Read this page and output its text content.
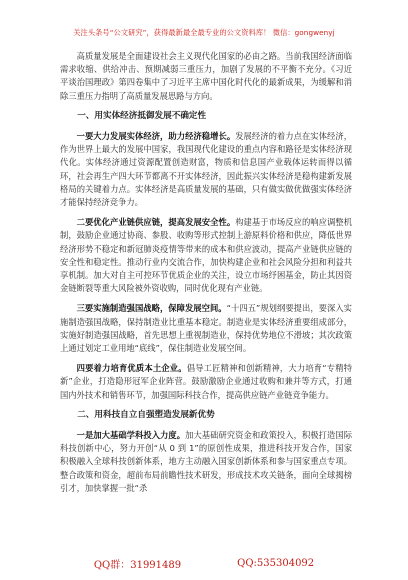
关注头条号“公文研究”，获得最新最全最专业的公文资料库！ 微信：gongwenyj

高质量发展是全面建设社会主义现代化国家的必由之路。当前我国经济面临需求收缩、供给冲击、预期减弱三重压力，加剧了发展的不平衡不充分。《习近平谈治国理政》第四卷集中了习近平主席中国化时代化的最新成果，为缓解和消除三重压力指明了高质量发展思路与方向。

一、用实体经济抵御发展不确定性

一要大力发展实体经济，助力经济稳增长。发展经济的着力点在实体经济，作为世界上最大的发展中国家，我国现代化建设的重点内容和路径是实体经济现代化。实体经济通过资源配置创造财富，物质和信息国产业载体运转而得以循环，社会再生产四大环节都离不开实体经济，因此振兴实体经济是稳构建新发展格局的关键着力点。实体经济是高质量发展的基础，只有做实做优做强实体经济才能保持经济竞争力。

二要优化产业链供应链，提高发展安全性。构建基于市场反应的响应调整机制，鼓励企业通过协商、参股、收购等形式控制上游原料价格和供应，降低世界经济形势不稳定和新冠肺炎疫情等带来的成本和供应波动，提高产业链供应链的安全性和稳定性。推动行业内交流合作，加快构建企业和社会风险分担和利益共享机制。加大对自主可控环节优质企业的关注，设立市场纾困基金，防止其因资金链断裂等重大风险被外资收购，同时优化现有产业链。

三要实施制造强国战略，保障发展空间。“十四五”规划纲要提出，要深入实施制造强国战略，保持制造业比重基本稳定。制造业是实体经济重要组成部分，实施好制造强国战略，首先思想上重视制造业，保持优势地位不滑坡；其次政策上通过划定工业用地“底线”，保住制造业发展空间。

四要着力培育优质本土企业。倡导工匠精神和创新精神，大力培育“专精特新”企业，打造隐形冠军企业阵营。鼓励激励企业通过收购和兼并等方式，打通国内外技术和销售环节，加强国际科技合作，提高供应链产业链竞争能力。

二、用科技自立自强塑造发展新优势

一是加大基础学科投入力度。加大基础研究资金和政策投入，积极打造国际科技创新中心，努力开创“从 0 到 1”的原创性成果，推进科技开发合作，国家积极融入全球科技创新体系，地方主动融入国家创新体系和参与国家重点专项。整合政策和资金，超前布局前瞻性技术研发，形成技术攻关链条，面向全球揭榜引才，加快掌握一批“杀

QQ群：31991489	QQ:535304092
